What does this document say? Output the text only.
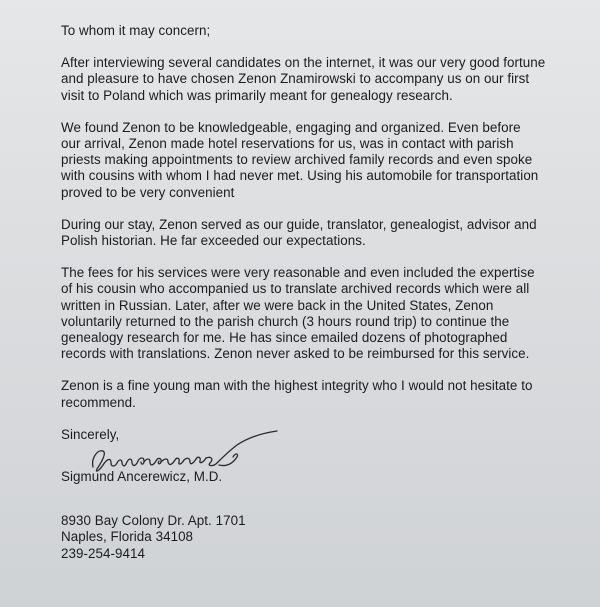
To whom it may concern;
After interviewing several candidates on the internet, it was our very good fortune
and pleasure to have chosen Zenon Znamirowski to accompany us on our first
visit to Poland which was primarily meant for genealogy research.
We found Zenon to be knowledgeable, engaging and organized. Even before
our arrival, Zenon made hotel reservations for us, was in contact with parish
priests making appointments to review archived family records and even spoke
with cousins with whom I had never met. Using his automobile for transportation
proved to be very convenient
During our stay, Zenon served as our guide, translator, genealogist, advisor and
Polish historian. He far exceeded our expectations.
The fees for his services were very reasonable and even included the expertise
of his cousin who accompanied us to translate archived records which were all
written in Russian. Later, after we were back in the United States, Zenon
voluntarily returned to the parish church (3 hours round trip) to continue the
genealogy research for me. He has since emailed dozens of photographed
records with translations. Zenon never asked to be reimbursed for this service.
Zenon is a fine young man with the highest integrity who I would not hesitate to
recommend.
Sincerely,
Sigmund Ancerewicz, M.D.
8930 Bay Colony Dr. Apt. 1701
Naples, Florida 34108
239-254-9414
